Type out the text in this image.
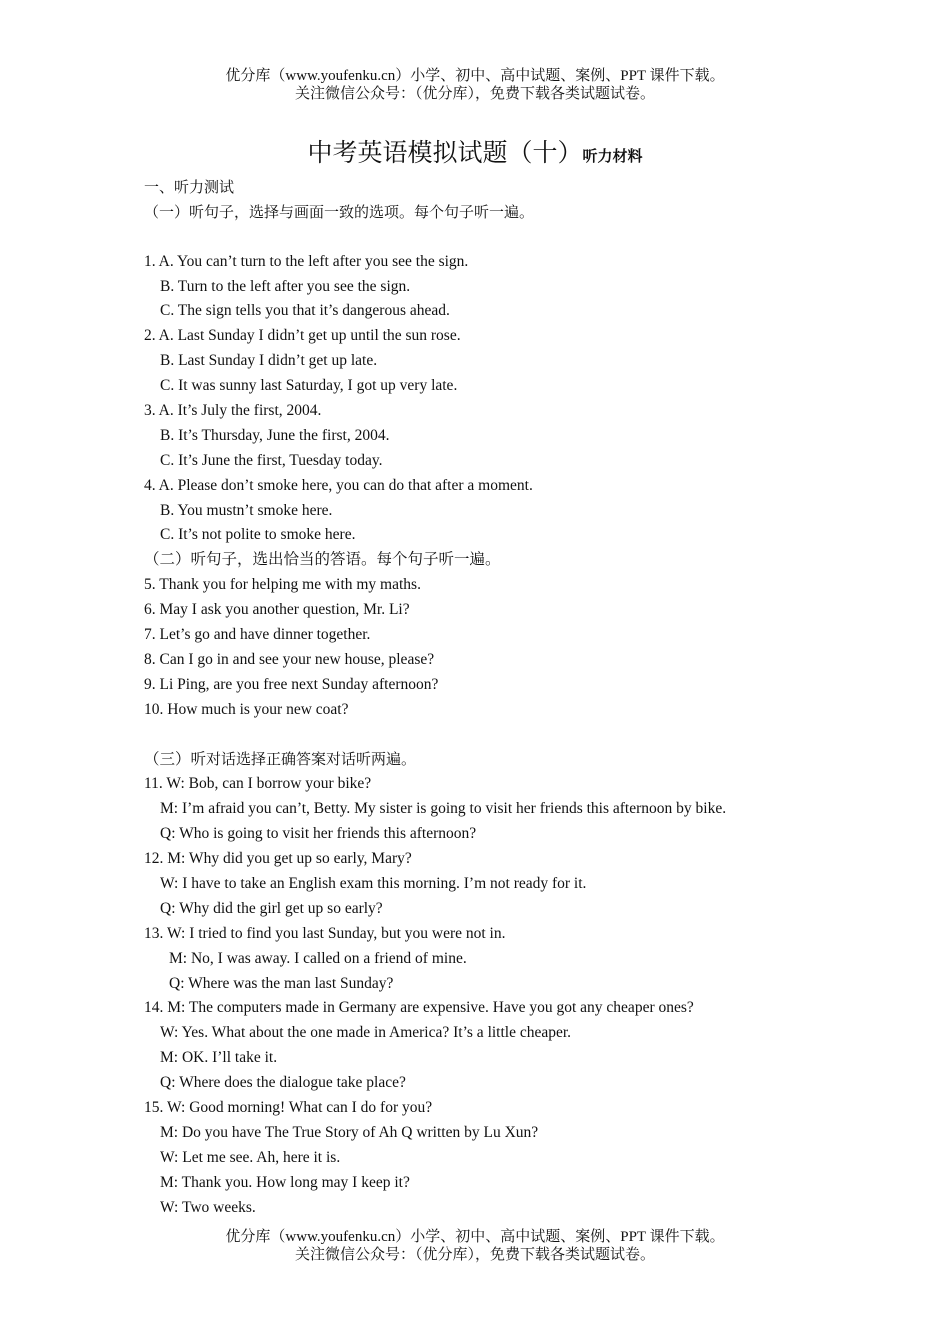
优分库（www.youfenku.cn）小学、初中、高中试题、案例、PPT 课件下载。
关注微信公众号：（优分库），免费下载各类试题试卷。
中考英语模拟试题（十）听力材料
一、听力测试
（一）听句子，选择与画面一致的选项。每个句子听一遍。
1. A. You can’t turn to the left after you see the sign.
B. Turn to the left after you see the sign.
C. The sign tells you that it’s dangerous ahead.
2. A. Last Sunday I didn’t get up until the sun rose.
B. Last Sunday I didn’t get up late.
C. It was sunny last Saturday, I got up very late.
3. A. It’s July the first, 2004.
B. It’s Thursday, June the first, 2004.
C. It’s June the first, Tuesday today.
4. A. Please don’t smoke here, you can do that after a moment.
B. You mustn’t smoke here.
C. It’s not polite to smoke here.
（二）听句子，选出恰当的答语。每个句子听一遍。
5. Thank you for helping me with my maths.
6. May I ask you another question, Mr. Li?
7. Let’s go and have dinner together.
8. Can I go in and see your new house, please?
9. Li Ping, are you free next Sunday afternoon?
10. How much is your new coat?
（三）听对话选择正确答案对话听两遍。
11. W: Bob, can I borrow your bike?
M: I’m afraid you can’t, Betty. My sister is going to visit her friends this afternoon by bike.
Q: Who is going to visit her friends this afternoon?
12. M: Why did you get up so early, Mary?
W: I have to take an English exam this morning. I’m not ready for it.
Q: Why did the girl get up so early?
13. W: I tried to find you last Sunday, but you were not in.
M: No, I was away. I called on a friend of mine.
Q: Where was the man last Sunday?
14. M: The computers made in Germany are expensive. Have you got any cheaper ones?
W: Yes. What about the one made in America? It’s a little cheaper.
M: OK. I’ll take it.
Q: Where does the dialogue take place?
15. W: Good morning! What can I do for you?
M: Do you have The True Story of Ah Q written by Lu Xun?
W: Let me see. Ah, here it is.
M: Thank you. How long may I keep it?
W: Two weeks.
优分库（www.youfenku.cn）小学、初中、高中试题、案例、PPT 课件下载。
关注微信公众号：（优分库），免费下载各类试题试卷。
